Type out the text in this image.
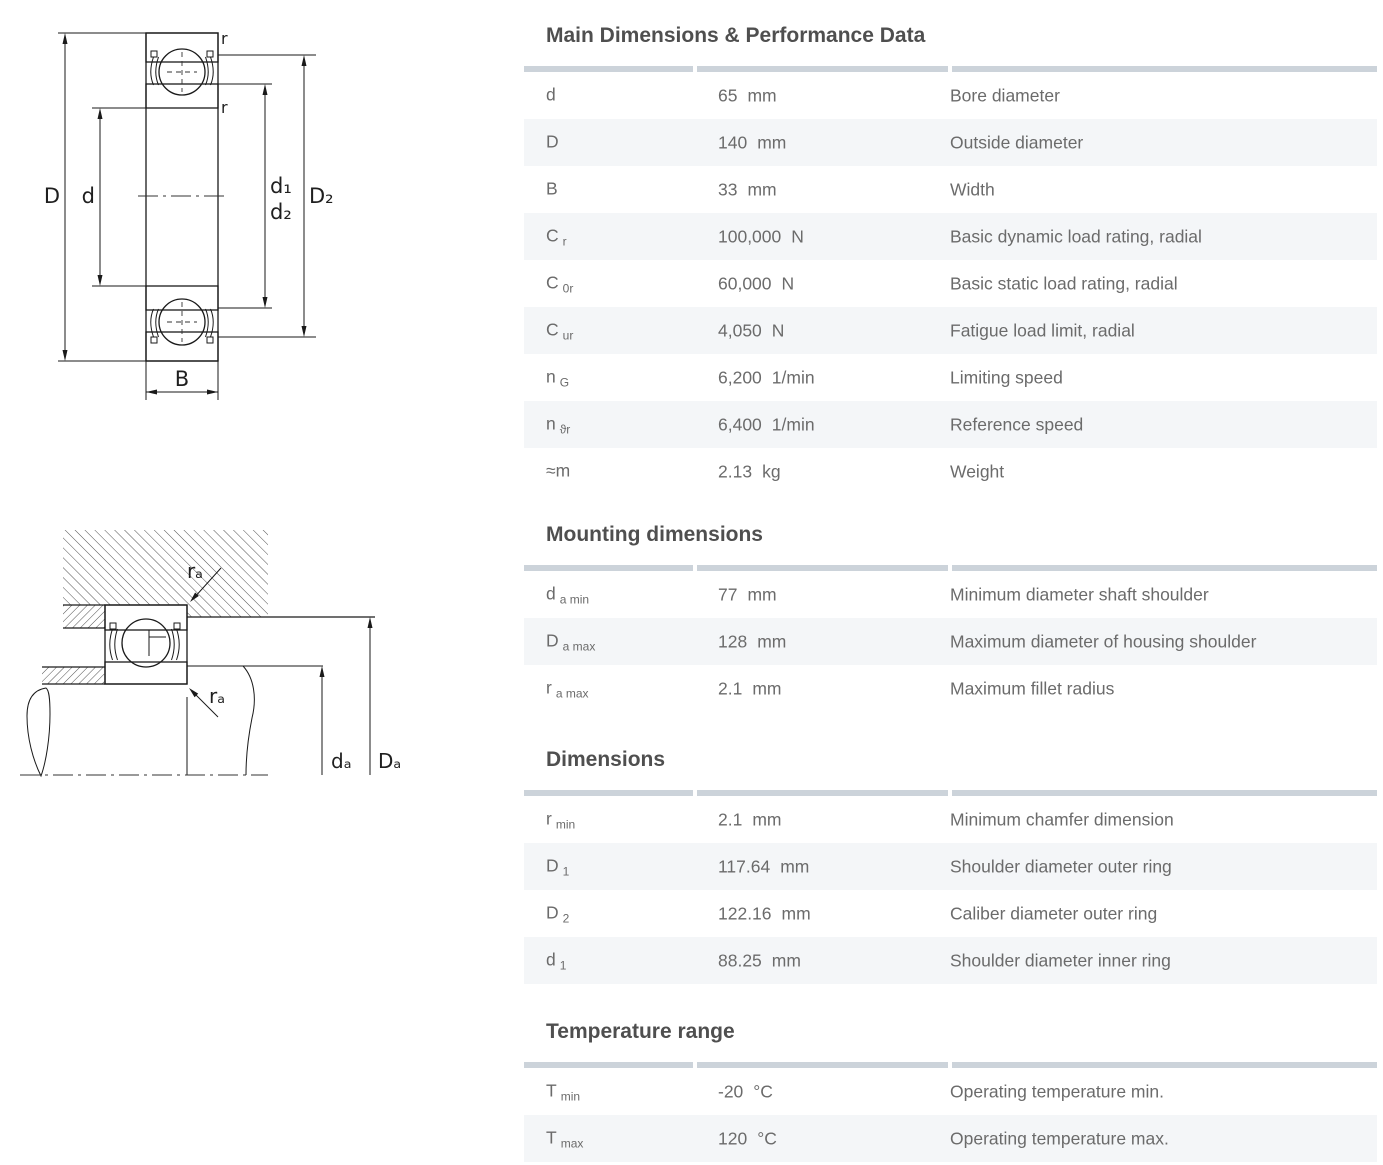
D d	d₁
d₂
D₂
B
r
r
dₐ Dₐ
rₐ
rₐ
Main Dimensions & Performance Data
d	65 mm	Bore diameter
D	140 mm	Outside diameter
B	33 mm	Width
C $_r$	100,000 N	Basic dynamic load rating, radial
C $_{0r}$	60,000 N	Basic static load rating, radial
C $_{ur}$	4,050 N	Fatigue load limit, radial
n $_G$	6,200 1/min	Limiting speed
n $_{ϑr}$	6,400 1/min	Reference speed
≈m	2.13 kg	Weight
Mounting dimensions
d $_{a min}$	77 mm	Minimum diameter shaft shoulder
D $_{a max}$	128 mm	Maximum diameter of housing shoulder
r $_{a max}$	2.1 mm	Maximum fillet radius
Dimensions
r $_{min}$	2.1 mm	Minimum chamfer dimension
D $_1$	117.64 mm	Shoulder diameter outer ring
D $_2$	122.16 mm	Caliber diameter outer ring
d $_1$	88.25 mm	Shoulder diameter inner ring
Temperature range
T $_{min}$	-20 °C	Operating temperature min.
T $_{max}$	120 °C	Operating temperature max.
